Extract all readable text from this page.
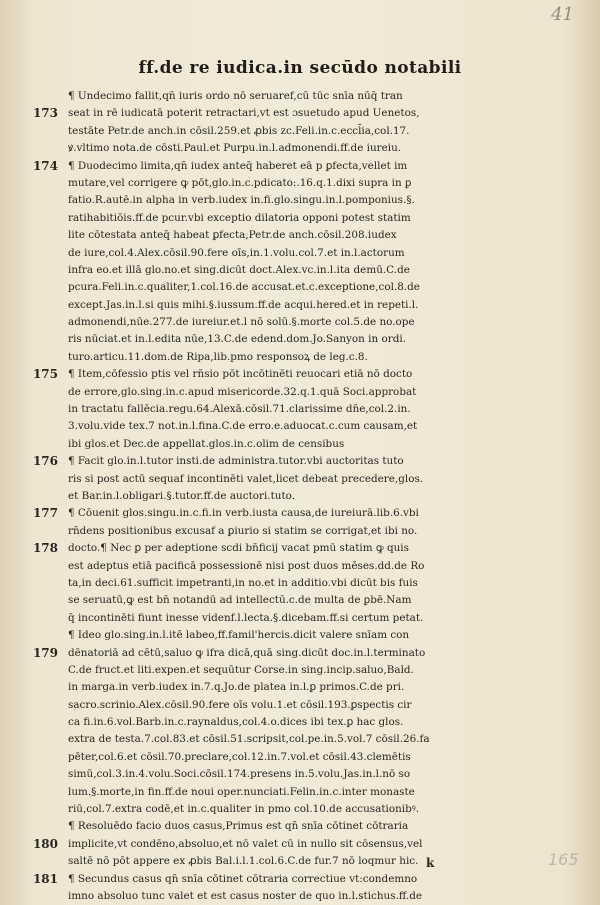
41
ff.de re iudica.in secūdo notabili
¶ Undecimo fallit,qn̄ iuris ordo nō seruaref,cū tūc snīa nūq̄ tran
173 seat in rē iudicatā poterit retractari,vt est ɔsuetudo apud Uenetos,
testāte Petr.de anch.in cōsil.259.et ꝓbis zc.Feli.in.c.eccl̄ia,col.17.
ꝟ.vltimo nota.de cōsti.Paul.et Purpu.in.l.admonendi.ff.de iureiu.
174 ¶ Duodecimo limita,qn̄ iudex anteq̄ haberet eā p ꝑfecta,vellet im
mutare,vel corrigere ꝙ pōt,glo.in.c.pdicato:.16.q.1.dixi supra in ꝑ
fatio.R.autē.in alpha in verb.iudex in.fi.glo.singu.in.l.pomponius.§.
ratihabitiōis.ff.de pcur.vbi exceptio dilatoria opponi potest statim
lite cōtestata anteq̄ habeat ꝑfecta,Petr.de anch.cōsil.208.iudex
de iure,col.4.Alex.cōsil.90.fere oīs,in.1.volu.col.7.et in.l.actorum
infra eo.et illā glo.no.et sing.dicūt doct.Alex.vc.in.l.ita demū.C.de
pcura.Feli.in.c.qualiter,1.col.16.de accusat.et.c.exceptione,col.8.de
except.Jas.in.l.si quis mihi.§.iussum.ff.de acqui.hered.et in repeti.l.
admonendi,nūe.277.de iureiur.et.l nō solū.§.morte col.5.de no.ope
ris nūciat.et in.l.edita nūe,13.C.de edend.dom.Jo.Sanyon in ordi.
turo.articu.11.dom.de Ripa,lib.pmo responsoꝝ de leg.c.8.
175 ¶ Item,cōfessio ptis vel rn̄sio pōt incōtinēti reuocari etiā nō docto
de errore,glo.sing.in.c.apud misericorde.32.q.1.quā Soci.approbat
in tractatu fallēcia.regu.64.Alexā.cōsil.71.clarissime dn̄e,col.2.in.
3.volu.vide tex.7 not.in.l.fina.C.de erro.e.aduocat.c.cum causam,et
ibi glos.et Dec.de appellat.glos.in.c.olim de censibus
176 ¶ Facit glo.in.l.tutor insti.de administra.tutor.vbi auctoritas tuto
ris si post actū sequaf incontinēti valet,licet debeat precedere,glos.
et Bar.in.l.obligari.§.tutor.ff.de auctori.tuto.
177 ¶ Cōuenit glos.singu.in.c.fi.in verb.iusta causa,de iureiurā.lib.6.vbi
rn̄dens positionibus excusaf a ꝑiurio si statim se corrigat,et ibi no.
178 docto.¶ Nec ꝑ per adeptione scdi bn̄ficij vacat pmū statim ꝙ quis
est adeptus etiā pacificā possessionē nisi post duos mēses.dd.de Ro
ta,in deci.61.sufficit impetranti,in no.et in additio.vbi dicūt bis fuis
se seruatū,ꝙ est bn̄ notandū ad intellectū.c.de multa de ꝑbē.Nam
q̄ incontinēti fiunt inesse videnf.l.lecta.§.dicebam.ff.si certum petat.
¶ Ideo glo.sing.in.l.itē labeo,ff.famil'hercis.dicit valere snīam con
179 dēnatoriā ad cētū,saluo ꝙ ifra dicā,quā sing.dicūt doc.in.l.terminato
C.de fruct.et liti.expen.et sequūtur Corse.in sing.incip.saluo,Bald.
in marga.in verb.iudex in.7.q.Jo.de platea in.l.ꝑ primos.C.de pri.
sacro.scrinio.Alex.cōsil.90.fere oīs volu.1.et cōsil.193.ꝑspectis cir
ca fi.in.6.vol.Barb.in.c.raynaldus,col.4.o.dices ibi tex.ꝑ hac glos.
extra de testa.7.col.83.et cōsil.51.scripsit,col.pe.in.5.vol.7 cōsil.26.fa
pēter,col.6.et cōsil.70.preclare,col.12.in.7.vol.et cōsil.43.clemētis
simū,col.3.in.4.volu.Soci.cōsil.174.presens in.5.volu.Jas.in.l.nō so
lum.§.morte,in fin.ff.de noui oper.nunciati.Felin.in.c.inter monaste
riū,col.7.extra codē,et in.c.qualiter in pmo col.10.de accusationibꝰ.
¶ Resoluēdo facio duos casus,Primus est qn̄ snīa cōtinet cōtraria
180 implicite,vt condēno,absoluo,et nō valet cū in nullo sit cōsensus,vel
saltē nō pōt appere ex ꝓbis Bal.i.l.1.col.6.C.de fur.7 nō loqmur hic.
181 ¶ Secundus casus qn̄ snīa cōtinet cōtraria correctiue vt:condemno
imno absoluo tunc valet et est casus noster de quo in.l.stichus.ff.de
k	165
